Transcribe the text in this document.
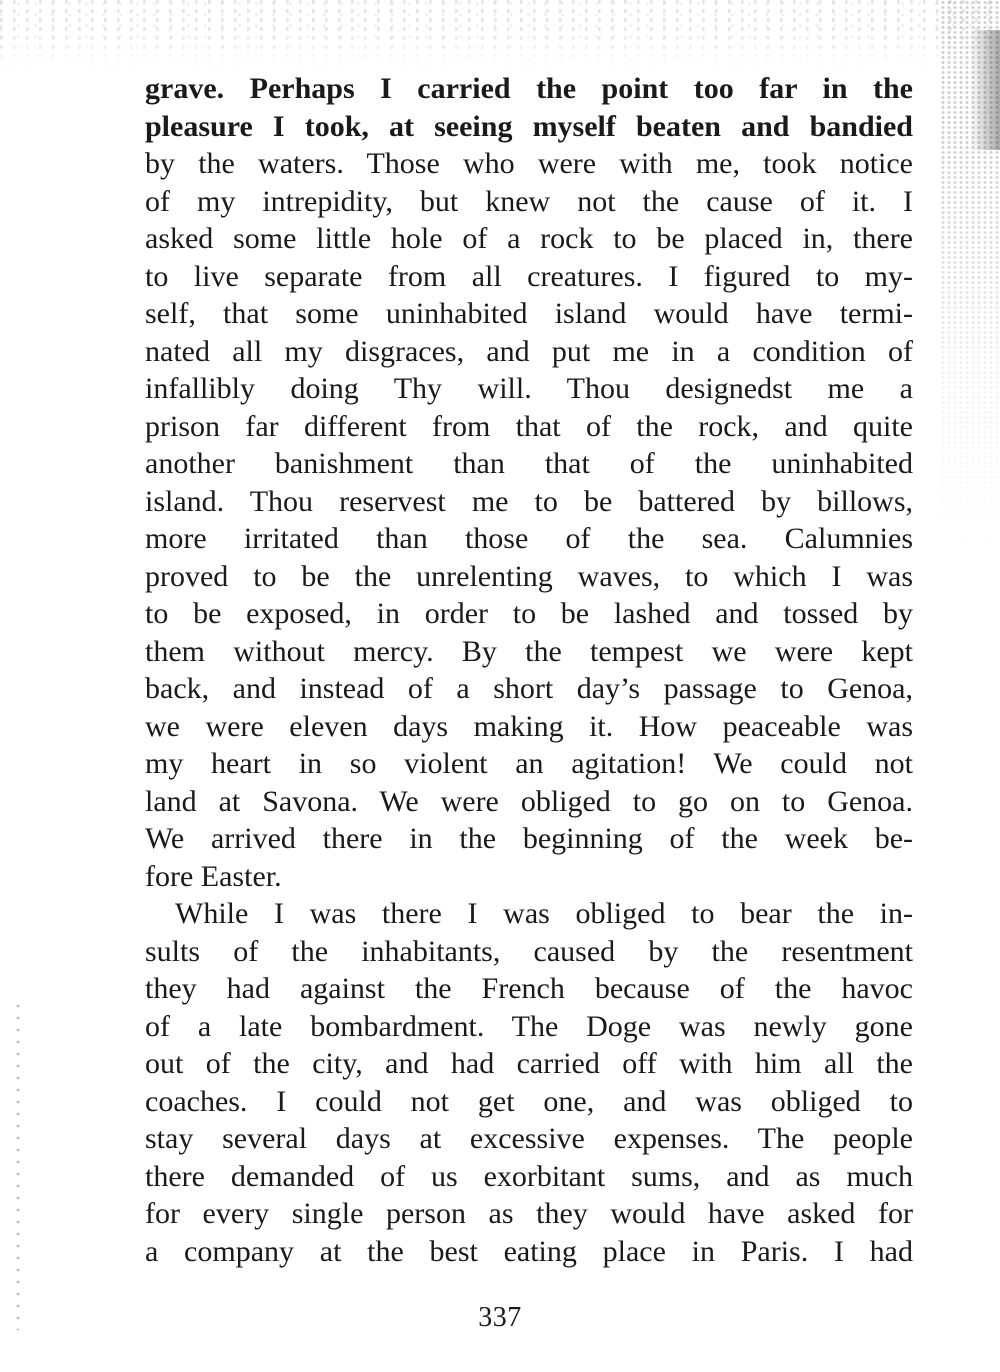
grave. Perhaps I carried the point too far in the
pleasure I took, at seeing myself beaten and bandied
by the waters. Those who were with me, took notice
of my intrepidity, but knew not the cause of it. I
asked some little hole of a rock to be placed in, there
to live separate from all creatures. I figured to my-
self, that some uninhabited island would have termi-
nated all my disgraces, and put me in a condition of
infallibly doing Thy will. Thou designedst me a
prison far different from that of the rock, and quite
another banishment than that of the uninhabited
island. Thou reservest me to be battered by billows,
more irritated than those of the sea. Calumnies
proved to be the unrelenting waves, to which I was
to be exposed, in order to be lashed and tossed by
them without mercy. By the tempest we were kept
back, and instead of a short day’s passage to Genoa,
we were eleven days making it. How peaceable was
my heart in so violent an agitation! We could not
land at Savona. We were obliged to go on to Genoa.
We arrived there in the beginning of the week be-
fore Easter.
While I was there I was obliged to bear the in-
sults of the inhabitants, caused by the resentment
they had against the French because of the havoc
of a late bombardment. The Doge was newly gone
out of the city, and had carried off with him all the
coaches. I could not get one, and was obliged to
stay several days at excessive expenses. The people
there demanded of us exorbitant sums, and as much
for every single person as they would have asked for
a company at the best eating place in Paris. I had
337
